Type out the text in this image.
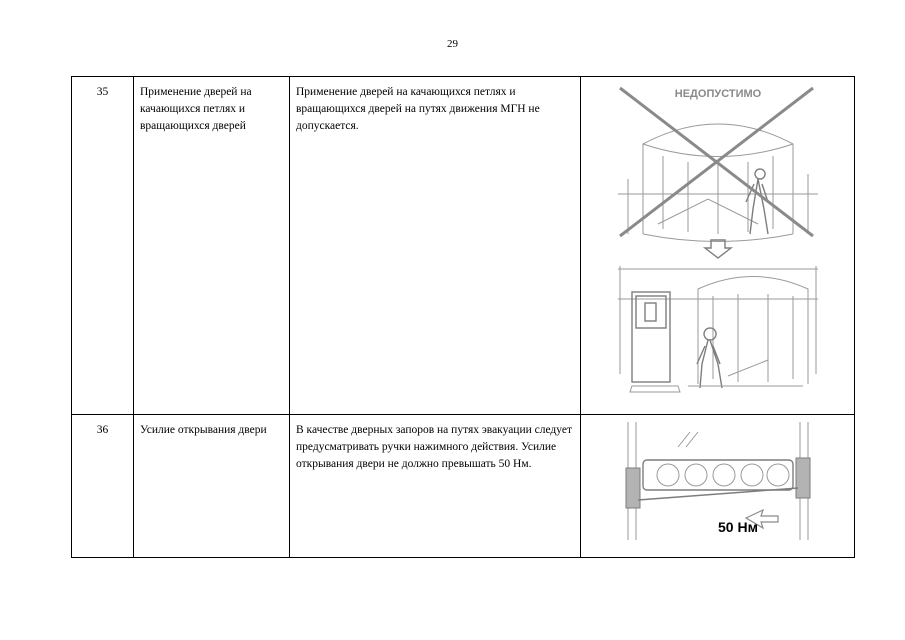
29
35	Применение дверей на качающихся петлях и вращающихся дверей	Применение дверей на качающихся петлях и вращающихся дверей на путях движения МГН не допускается.	НЕДОПУСТИМО

36	Усилие открывания двери	В качестве дверных запоров на путях эвакуации следует предусматривать ручки нажимного действия. Усилие открывания двери не должно превышать 50 Нм.	50 Нм
